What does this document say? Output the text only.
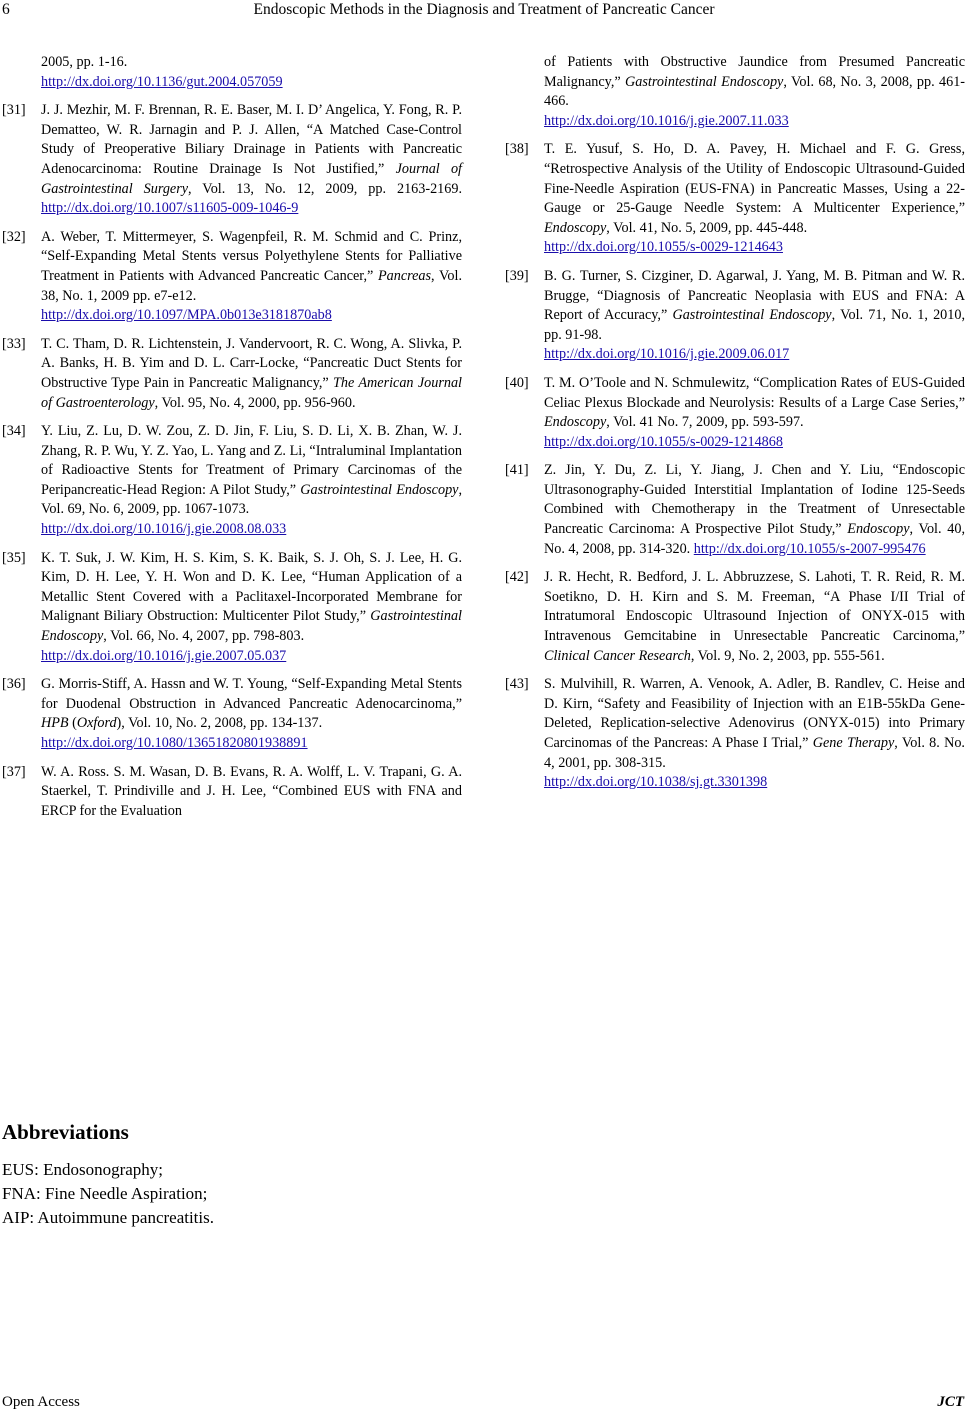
6	Endoscopic Methods in the Diagnosis and Treatment of Pancreatic Cancer
2005, pp. 1-16.
http://dx.doi.org/10.1136/gut.2004.057059
[31] J. J. Mezhir, M. F. Brennan, R. E. Baser, M. I. D’ Angelica, Y. Fong, R. P. Dematteo, W. R. Jarnagin and P. J. Allen, “A Matched Case-Control Study of Preoperative Biliary Drainage in Patients with Pancreatic Adenocarcinoma: Routine Drainage Is Not Justified,” Journal of Gastrointestinal Surgery, Vol. 13, No. 12, 2009, pp. 2163-2169. http://dx.doi.org/10.1007/s11605-009-1046-9
[32] A. Weber, T. Mittermeyer, S. Wagenpfeil, R. M. Schmid and C. Prinz, “Self-Expanding Metal Stents versus Polyethylene Stents for Palliative Treatment in Patients with Advanced Pancreatic Cancer,” Pancreas, Vol. 38, No. 1, 2009 pp. e7-e12.
http://dx.doi.org/10.1097/MPA.0b013e3181870ab8
[33] T. C. Tham, D. R. Lichtenstein, J. Vandervoort, R. C. Wong, A. Slivka, P. A. Banks, H. B. Yim and D. L. Carr-Locke, “Pancreatic Duct Stents for Obstructive Type Pain in Pancreatic Malignancy,” The American Journal of Gastroenterology, Vol. 95, No. 4, 2000, pp. 956-960.
[34] Y. Liu, Z. Lu, D. W. Zou, Z. D. Jin, F. Liu, S. D. Li, X. B. Zhan, W. J. Zhang, R. P. Wu, Y. Z. Yao, L. Yang and Z. Li, “Intraluminal Implantation of Radioactive Stents for Treatment of Primary Carcinomas of the Peripancreatic-Head Region: A Pilot Study,” Gastrointestinal Endoscopy, Vol. 69, No. 6, 2009, pp. 1067-1073.
http://dx.doi.org/10.1016/j.gie.2008.08.033
[35] K. T. Suk, J. W. Kim, H. S. Kim, S. K. Baik, S. J. Oh, S. J. Lee, H. G. Kim, D. H. Lee, Y. H. Won and D. K. Lee, “Human Application of a Metallic Stent Covered with a Paclitaxel-Incorporated Membrane for Malignant Biliary Obstruction: Multicenter Pilot Study,” Gastrointestinal Endoscopy, Vol. 66, No. 4, 2007, pp. 798-803.
http://dx.doi.org/10.1016/j.gie.2007.05.037
[36] G. Morris-Stiff, A. Hassn and W. T. Young, “Self-Expanding Metal Stents for Duodenal Obstruction in Advanced Pancreatic Adenocarcinoma,” HPB (Oxford), Vol. 10, No. 2, 2008, pp. 134-137.
http://dx.doi.org/10.1080/13651820801938891
[37] W. A. Ross. S. M. Wasan, D. B. Evans, R. A. Wolff, L. V. Trapani, G. A. Staerkel, T. Prindiville and J. H. Lee, “Combined EUS with FNA and ERCP for the Evaluation
of Patients with Obstructive Jaundice from Presumed Pancreatic Malignancy,” Gastrointestinal Endoscopy, Vol. 68, No. 3, 2008, pp. 461-466.
http://dx.doi.org/10.1016/j.gie.2007.11.033
[38] T. E. Yusuf, S. Ho, D. A. Pavey, H. Michael and F. G. Gress, “Retrospective Analysis of the Utility of Endoscopic Ultrasound-Guided Fine-Needle Aspiration (EUS-FNA) in Pancreatic Masses, Using a 22-Gauge or 25-Gauge Needle System: A Multicenter Experience,” Endoscopy, Vol. 41, No. 5, 2009, pp. 445-448.
http://dx.doi.org/10.1055/s-0029-1214643
[39] B. G. Turner, S. Cizginer, D. Agarwal, J. Yang, M. B. Pitman and W. R. Brugge, “Diagnosis of Pancreatic Neoplasia with EUS and FNA: A Report of Accuracy,” Gastrointestinal Endoscopy, Vol. 71, No. 1, 2010, pp. 91-98.
http://dx.doi.org/10.1016/j.gie.2009.06.017
[40] T. M. O’Toole and N. Schmulewitz, “Complication Rates of EUS-Guided Celiac Plexus Blockade and Neurolysis: Results of a Large Case Series,” Endoscopy, Vol. 41 No. 7, 2009, pp. 593-597.
http://dx.doi.org/10.1055/s-0029-1214868
[41] Z. Jin, Y. Du, Z. Li, Y. Jiang, J. Chen and Y. Liu, “Endoscopic Ultrasonography-Guided Interstitial Implantation of Iodine 125-Seeds Combined with Chemotherapy in the Treatment of Unresectable Pancreatic Carcinoma: A Prospective Pilot Study,” Endoscopy, Vol. 40, No. 4, 2008, pp. 314-320. http://dx.doi.org/10.1055/s-2007-995476
[42] J. R. Hecht, R. Bedford, J. L. Abbruzzese, S. Lahoti, T. R. Reid, R. M. Soetikno, D. H. Kirn and S. M. Freeman, “A Phase I/II Trial of Intratumoral Endoscopic Ultrasound Injection of ONYX-015 with Intravenous Gemcitabine in Unresectable Pancreatic Carcinoma,” Clinical Cancer Research, Vol. 9, No. 2, 2003, pp. 555-561.
[43] S. Mulvihill, R. Warren, A. Venook, A. Adler, B. Randlev, C. Heise and D. Kirn, “Safety and Feasibility of Injection with an E1B-55kDa Gene-Deleted, Replication-selective Adenovirus (ONYX-015) into Primary Carcinomas of the Pancreas: A Phase I Trial,” Gene Therapy, Vol. 8. No. 4, 2001, pp. 308-315.
http://dx.doi.org/10.1038/sj.gt.3301398
Abbreviations
EUS: Endosonography;
FNA: Fine Needle Aspiration;
AIP: Autoimmune pancreatitis.
Open Access	JCT
